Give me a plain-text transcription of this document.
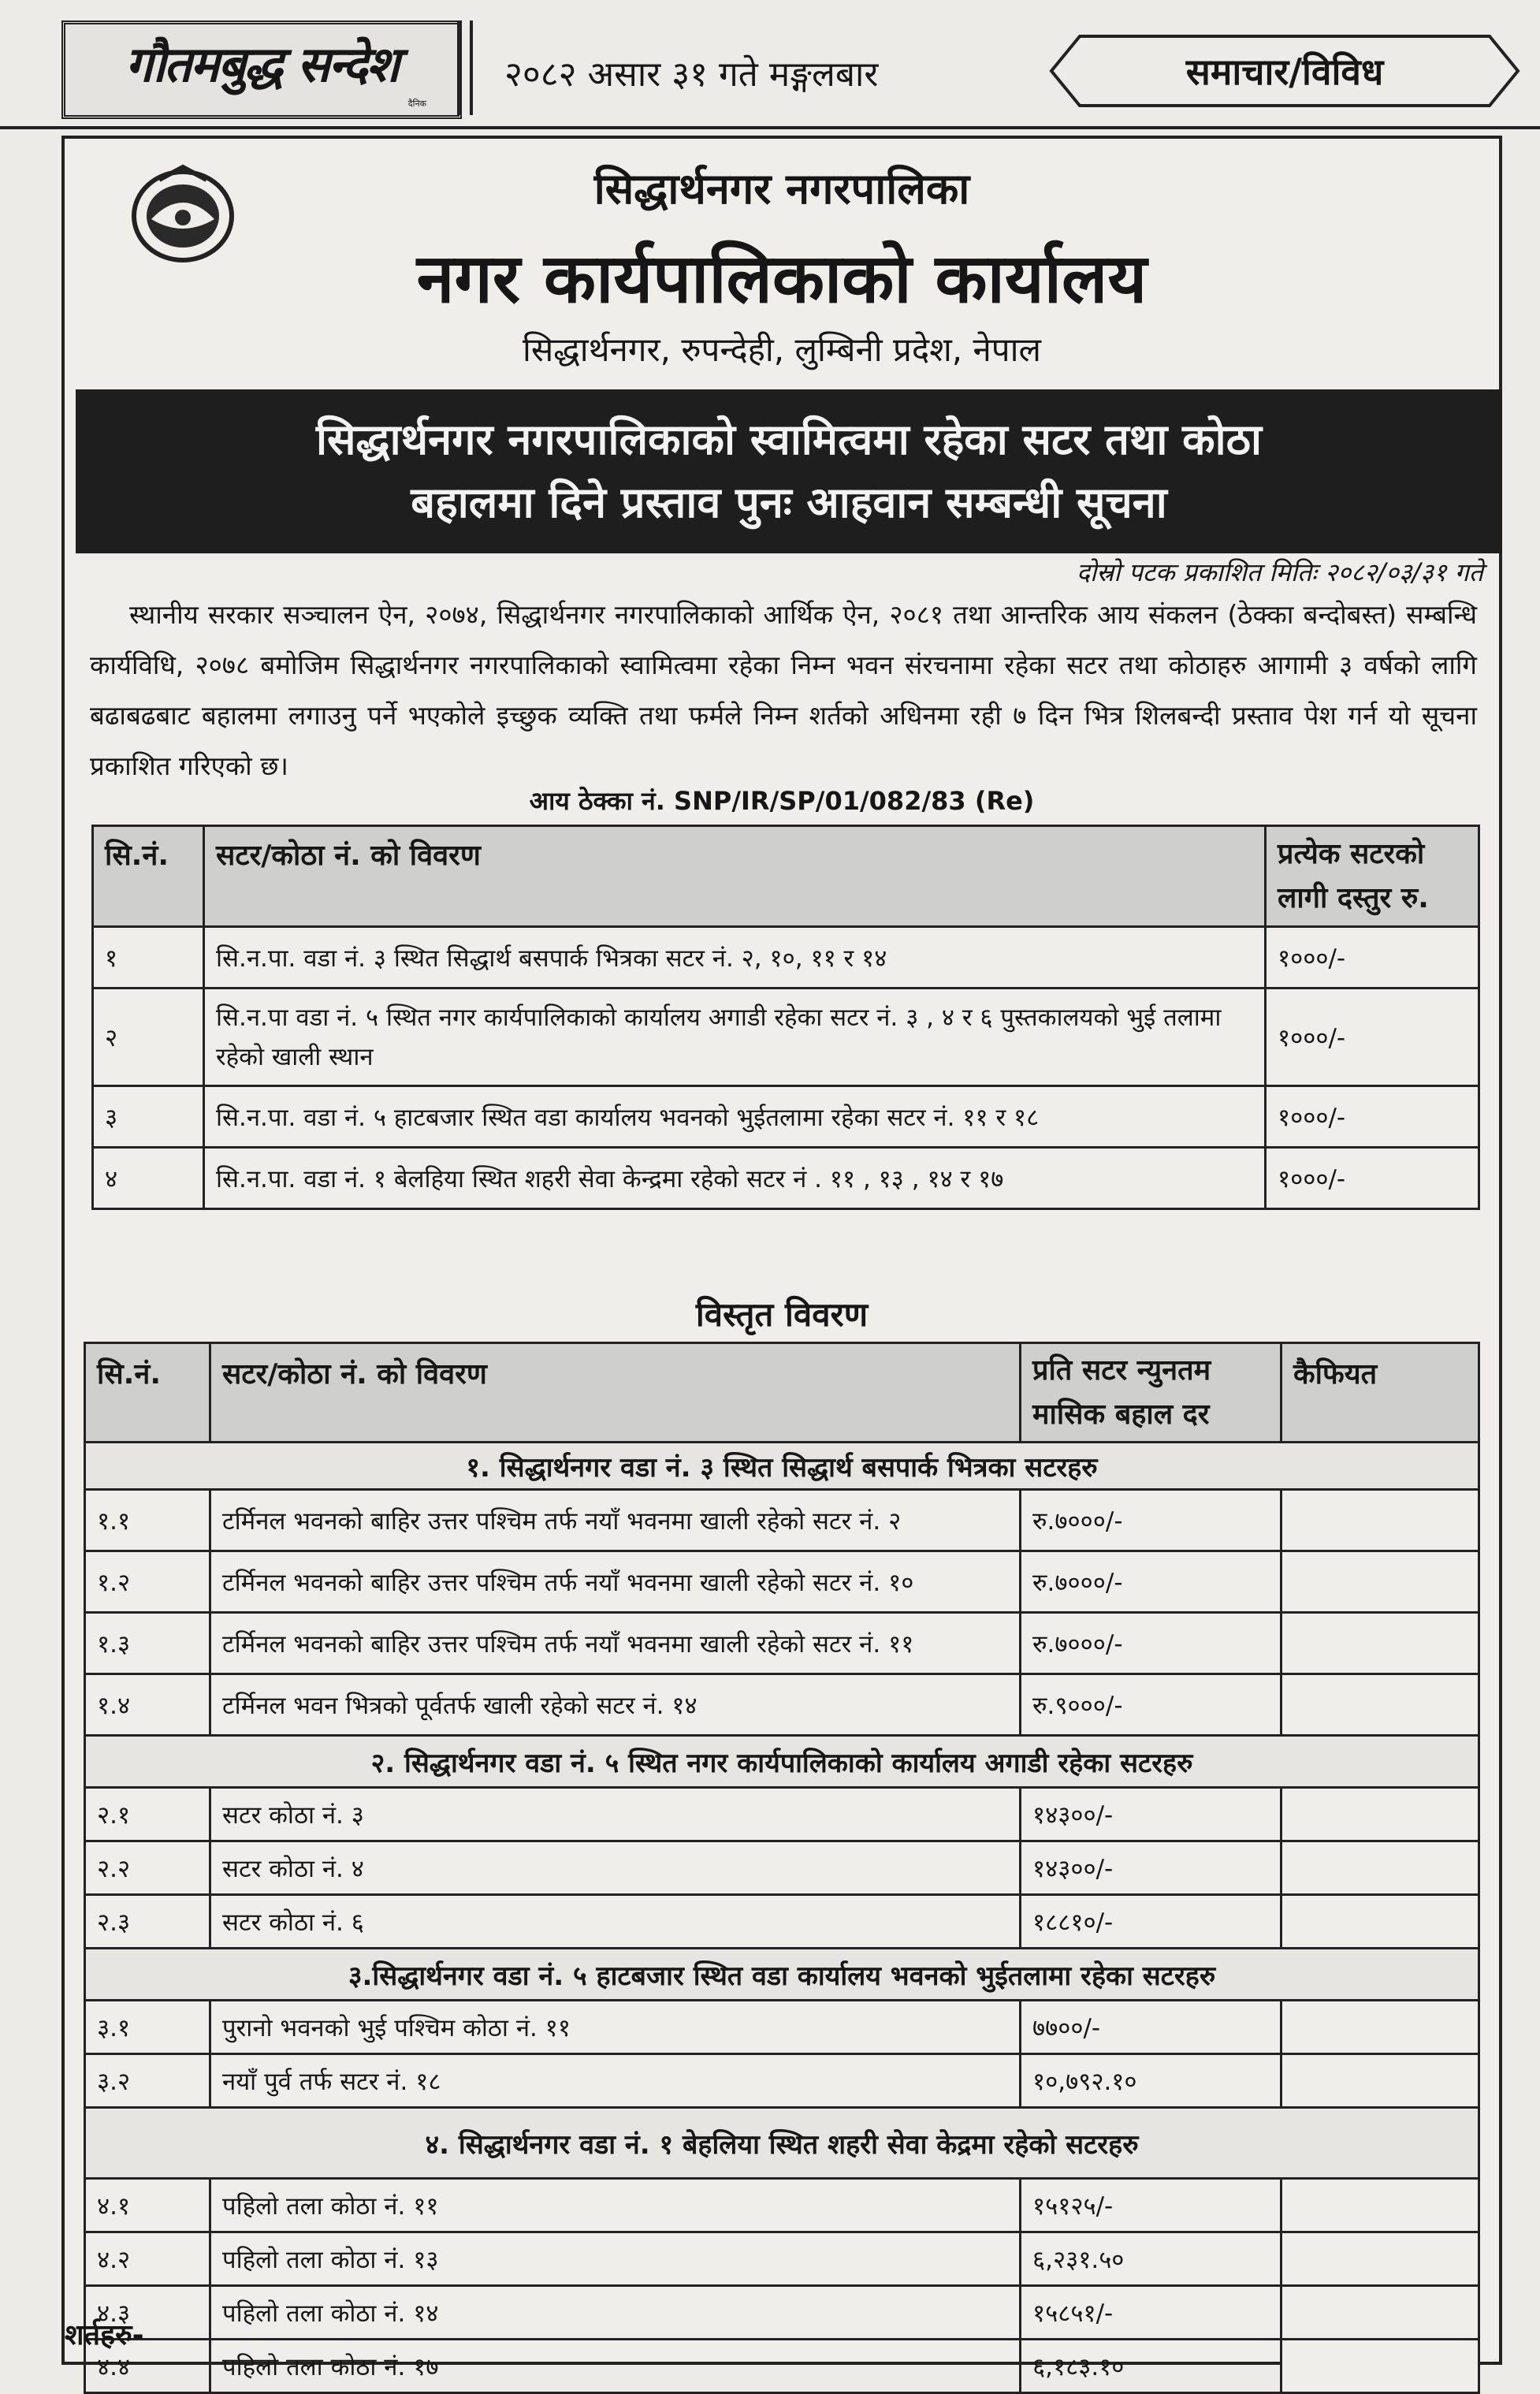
गौतमबुद्ध सन्देश
दैनिक
२०८२ असार ३१ गते मङ्गलबार	समाचार/विविध
सिद्धार्थनगर नगरपालिका
नगर कार्यपालिकाको कार्यालय
सिद्धार्थनगर, रुपन्देही, लुम्बिनी प्रदेश, नेपाल
सिद्धार्थनगर नगरपालिकाको स्वामित्वमा रहेका सटर तथा कोठा
बहालमा दिने प्रस्ताव पुनः आहवान सम्बन्धी सूचना
दोस्रो पटक प्रकाशित मितिः २०८२/०३/३१ गते
स्थानीय सरकार सञ्चालन ऐन, २०७४, सिद्धार्थनगर नगरपालिकाको आर्थिक ऐन, २०८१ तथा आन्तरिक आय संकलन (ठेक्का बन्दोबस्त) सम्बन्धि कार्यविधि, २०७८ बमोजिम सिद्धार्थनगर नगरपालिकाको स्वामित्वमा रहेका निम्न भवन संरचनामा रहेका सटर तथा कोठाहरु आगामी ३ वर्षको लागि बढाबढबाट बहालमा लगाउनु पर्ने भएकोले इच्छुक व्यक्ति तथा फर्मले निम्न शर्तको अधिनमा रही ७ दिन भित्र शिलबन्दी प्रस्ताव पेश गर्न यो सूचना प्रकाशित गरिएको छ।
आय ठेक्का नं. SNP/IR/SP/01/082/83 (Re)
सि.नं.	सटर/कोठा नं. को विवरण	प्रत्येक सटरको लागी दस्तुर रु.
१	सि.न.पा. वडा नं. ३ स्थित सिद्धार्थ बसपार्क भित्रका सटर नं. २, १०, ११ र १४	१०००/-
२	सि.न.पा वडा नं. ५ स्थित नगर कार्यपालिकाको कार्यालय अगाडी रहेका सटर नं. ३ , ४ र ६ पुस्तकालयको भुई तलामा रहेको खाली स्थान	१०००/-
३	सि.न.पा. वडा नं. ५ हाटबजार स्थित वडा कार्यालय भवनको भुईतलामा रहेका सटर नं. ११ र १८	१०००/-
४	सि.न.पा. वडा नं. १ बेलहिया स्थित शहरी सेवा केन्द्रमा रहेको सटर नं . ११ , १३ , १४ र १७	१०००/-
विस्तृत विवरण
सि.नं.	सटर/कोठा नं. को विवरण	प्रति सटर न्युनतम मासिक बहाल दर	कैफियत
१. सिद्धार्थनगर वडा नं. ३ स्थित सिद्धार्थ बसपार्क भित्रका सटरहरु			
१.१	टर्मिनल भवनको बाहिर उत्तर पश्चिम तर्फ नयाँ भवनमा खाली रहेको सटर नं. २	रु.७०००/-	
१.२	टर्मिनल भवनको बाहिर उत्तर पश्चिम तर्फ नयाँ भवनमा खाली रहेको सटर नं. १०	रु.७०००/-	
१.३	टर्मिनल भवनको बाहिर उत्तर पश्चिम तर्फ नयाँ भवनमा खाली रहेको सटर नं. ११	रु.७०००/-	
१.४	टर्मिनल भवन भित्रको पूर्वतर्फ खाली रहेको सटर नं. १४	रु.९०००/-	
२. सिद्धार्थनगर वडा नं. ५ स्थित नगर कार्यपालिकाको कार्यालय अगाडी रहेका सटरहरु			
२.१	सटर कोठा नं. ३	१४३००/-	
२.२	सटर कोठा नं. ४	१४३००/-	
२.३	सटर कोठा नं. ६	१८८१०/-	
३.सिद्धार्थनगर वडा नं. ५ हाटबजार स्थित वडा कार्यालय भवनको भुईतलामा रहेका सटरहरु			
३.१	पुरानो भवनको भुई पश्चिम कोठा नं. ११	७७००/-	
३.२	नयाँ पुर्व तर्फ सटर नं. १८	१०,७९२.१०	
४. सिद्धार्थनगर वडा नं. १ बेहलिया स्थित शहरी सेवा केद्रमा रहेको सटरहरु			
४.१	पहिलो तला कोठा नं. ११	१५१२५/-	
४.२	पहिलो तला कोठा नं. १३	६,२३१.५०	
४.३	पहिलो तला कोठा नं. १४	१५८५१/-	
४.४	पहिलो तला कोठा नं. १७	६,१८३.१०	
शर्तहरु-
